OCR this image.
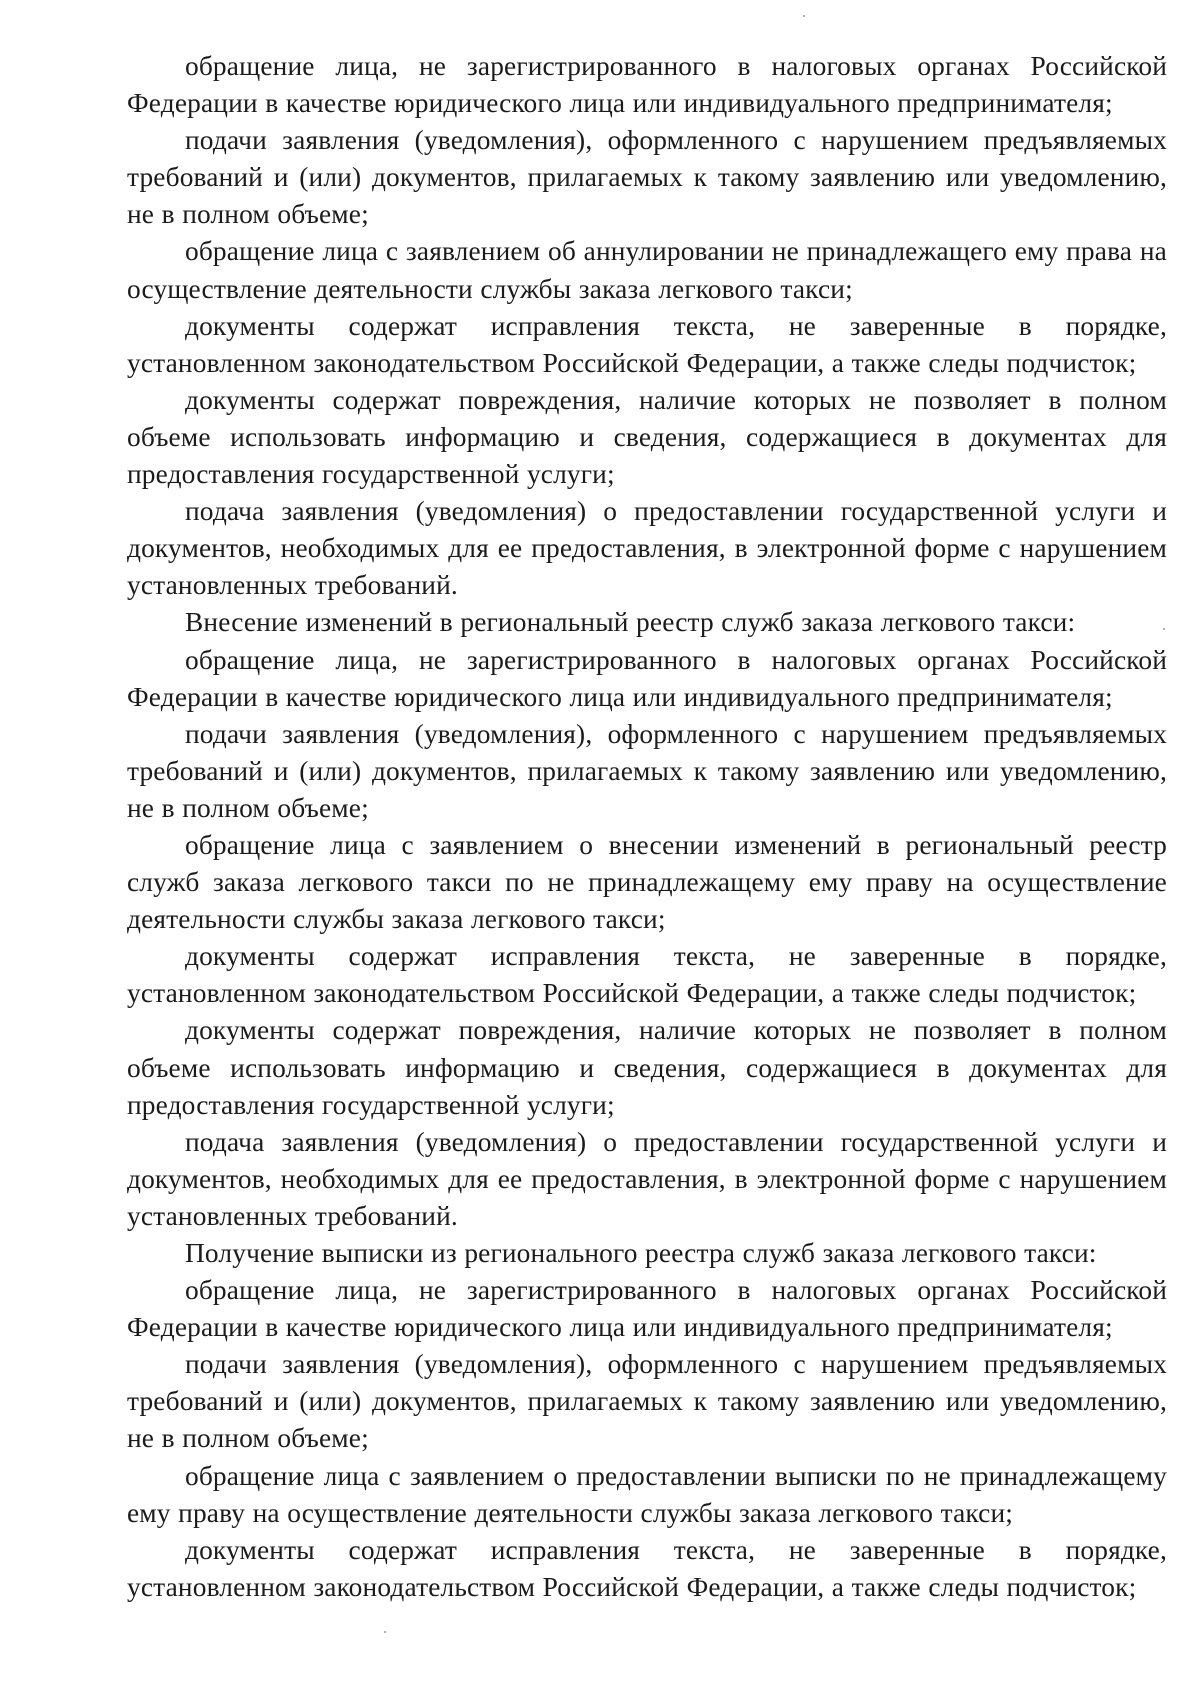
обращение лица, не зарегистрированного в налоговых органах Российской Федерации в качестве юридического лица или индивидуального предпринимателя;

подачи заявления (уведомления), оформленного с нарушением предъявляемых требований и (или) документов, прилагаемых к такому заявлению или уведомлению, не в полном объеме;

обращение лица с заявлением об аннулировании не принадлежащего ему права на осуществление деятельности службы заказа легкового такси;

документы содержат исправления текста, не заверенные в порядке, установленном законодательством Российской Федерации, а также следы подчисток;

документы содержат повреждения, наличие которых не позволяет в полном объеме использовать информацию и сведения, содержащиеся в документах для предоставления государственной услуги;

подача заявления (уведомления) о предоставлении государственной услуги и документов, необходимых для ее предоставления, в электронной форме с нарушением установленных требований.

Внесение изменений в региональный реестр служб заказа легкового такси:

обращение лица, не зарегистрированного в налоговых органах Российской Федерации в качестве юридического лица или индивидуального предпринимателя;

подачи заявления (уведомления), оформленного с нарушением предъявляемых требований и (или) документов, прилагаемых к такому заявлению или уведомлению, не в полном объеме;

обращение лица с заявлением о внесении изменений в региональный реестр служб заказа легкового такси по не принадлежащему ему праву на осуществление деятельности службы заказа легкового такси;

документы содержат исправления текста, не заверенные в порядке, установленном законодательством Российской Федерации, а также следы подчисток;

документы содержат повреждения, наличие которых не позволяет в полном объеме использовать информацию и сведения, содержащиеся в документах для предоставления государственной услуги;

подача заявления (уведомления) о предоставлении государственной услуги и документов, необходимых для ее предоставления, в электронной форме с нарушением установленных требований.

Получение выписки из регионального реестра служб заказа легкового такси:

обращение лица, не зарегистрированного в налоговых органах Российской Федерации в качестве юридического лица или индивидуального предпринимателя;

подачи заявления (уведомления), оформленного с нарушением предъявляемых требований и (или) документов, прилагаемых к такому заявлению или уведомлению, не в полном объеме;

обращение лица с заявлением о предоставлении выписки по не принадлежащему ему праву на осуществление деятельности службы заказа легкового такси;

документы содержат исправления текста, не заверенные в порядке, установленном законодательством Российской Федерации, а также следы подчисток;
